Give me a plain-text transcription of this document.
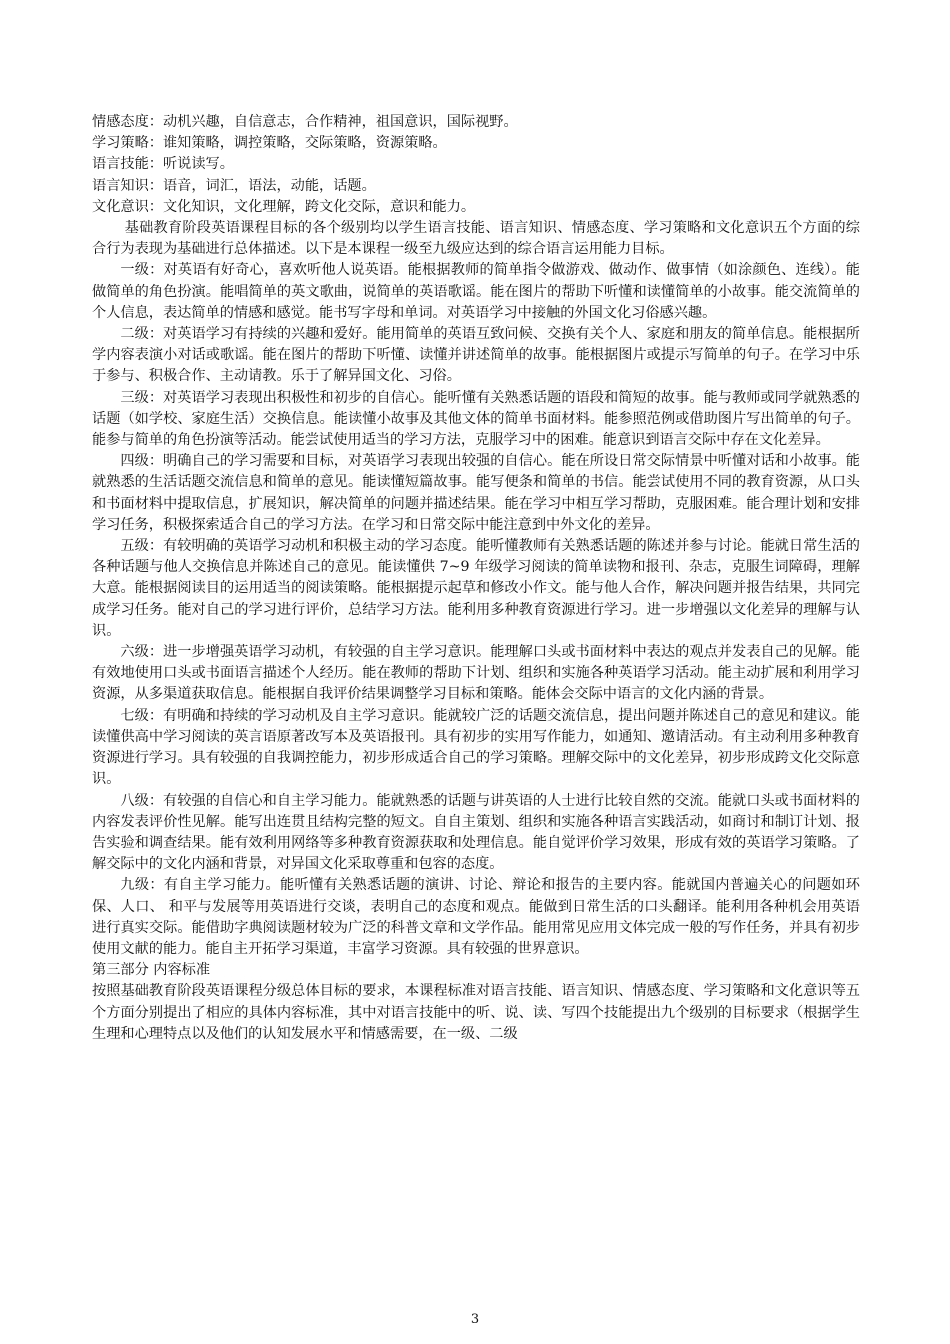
情感态度：动机兴趣，自信意志，合作精神，祖国意识，国际视野。

学习策略：谁知策略，调控策略，交际策略，资源策略。

语言技能：听说读写。

语言知识：语音，词汇，语法，动能，话题。

文化意识：文化知识，文化理解，跨文化交际，意识和能力。

基础教育阶段英语课程目标的各个级别均以学生语言技能、语言知识、情感态度、学习策略和文化意识五个方面的综合行为表现为基础进行总体描述。以下是本课程一级至九级应达到的综合语言运用能力目标。

一级：对英语有好奇心，喜欢听他人说英语。能根据教师的简单指令做游戏、做动作、做事情（如涂颜色、连线）。能做简单的角色扮演。能唱简单的英文歌曲，说简单的英语歌谣。能在图片的帮助下听懂和读懂简单的小故事。能交流简单的个人信息，表达简单的情感和感觉。能书写字母和单词。对英语学习中接触的外国文化习俗感兴趣。

二级：对英语学习有持续的兴趣和爱好。能用简单的英语互致问候、交换有关个人、家庭和朋友的简单信息。能根据所学内容表演小对话或歌谣。能在图片的帮助下听懂、读懂并讲述简单的故事。能根据图片或提示写简单的句子。在学习中乐于参与、积极合作、主动请教。乐于了解异国文化、习俗。

三级：对英语学习表现出积极性和初步的自信心。能听懂有关熟悉话题的语段和简短的故事。能与教师或同学就熟悉的话题（如学校、家庭生活）交换信息。能读懂小故事及其他文体的简单书面材料。能参照范例或借助图片写出简单的句子。能参与简单的角色扮演等活动。能尝试使用适当的学习方法，克服学习中的困难。能意识到语言交际中存在文化差异。

四级：明确自己的学习需要和目标，对英语学习表现出较强的自信心。能在所设日常交际情景中听懂对话和小故事。能就熟悉的生活话题交流信息和简单的意见。能读懂短篇故事。能写便条和简单的书信。能尝试使用不同的教育资源，从口头和书面材料中提取信息，扩展知识，解决简单的问题并描述结果。能在学习中相互学习帮助，克服困难。能合理计划和安排学习任务，积极探索适合自己的学习方法。在学习和日常交际中能注意到中外文化的差异。

五级：有较明确的英语学习动机和积极主动的学习态度。能听懂教师有关熟悉话题的陈述并参与讨论。能就日常生活的各种话题与他人交换信息并陈述自己的意见。能读懂供 7~9 年级学习阅读的简单读物和报刊、杂志，克服生词障碍，理解大意。能根据阅读目的运用适当的阅读策略。能根据提示起草和修改小作文。能与他人合作，解决问题并报告结果，共同完成学习任务。能对自己的学习进行评价，总结学习方法。能利用多种教育资源进行学习。进一步增强以文化差异的理解与认识。

六级：进一步增强英语学习动机，有较强的自主学习意识。能理解口头或书面材料中表达的观点并发表自己的见解。能有效地使用口头或书面语言描述个人经历。能在教师的帮助下计划、组织和实施各种英语学习活动。能主动扩展和利用学习资源，从多渠道获取信息。能根据自我评价结果调整学习目标和策略。能体会交际中语言的文化内涵的背景。

七级：有明确和持续的学习动机及自主学习意识。能就较广泛的话题交流信息，提出问题并陈述自己的意见和建议。能读懂供高中学习阅读的英言语原著改写本及英语报刊。具有初步的实用写作能力，如通知、邀请活动。有主动利用多种教育资源进行学习。具有较强的自我调控能力，初步形成适合自己的学习策略。理解交际中的文化差异，初步形成跨文化交际意识。

八级：有较强的自信心和自主学习能力。能就熟悉的话题与讲英语的人士进行比较自然的交流。能就口头或书面材料的内容发表评价性见解。能写出连贯且结构完整的短文。自自主策划、组织和实施各种语言实践活动，如商讨和制订计划、报告实验和调查结果。能有效利用网络等多种教育资源获取和处理信息。能自觉评价学习效果，形成有效的英语学习策略。了解交际中的文化内涵和背景，对异国文化采取尊重和包容的态度。

九级：有自主学习能力。能听懂有关熟悉话题的演讲、讨论、辩论和报告的主要内容。能就国内普遍关心的问题如环保、人口、 和平与发展等用英语进行交谈，表明自己的态度和观点。能做到日常生活的口头翻译。能利用各种机会用英语进行真实交际。能借助字典阅读题材较为广泛的科普文章和文学作品。能用常见应用文体完成一般的写作任务，并具有初步使用文献的能力。能自主开拓学习渠道，丰富学习资源。具有较强的世界意识。

第三部分 内容标准

按照基础教育阶段英语课程分级总体目标的要求，本课程标准对语言技能、语言知识、情感态度、学习策略和文化意识等五个方面分别提出了相应的具体内容标准，其中对语言技能中的听、说、读、写四个技能提出九个级别的目标要求（根据学生生理和心理特点以及他们的认知发展水平和情感需要，在一级、二级

3
